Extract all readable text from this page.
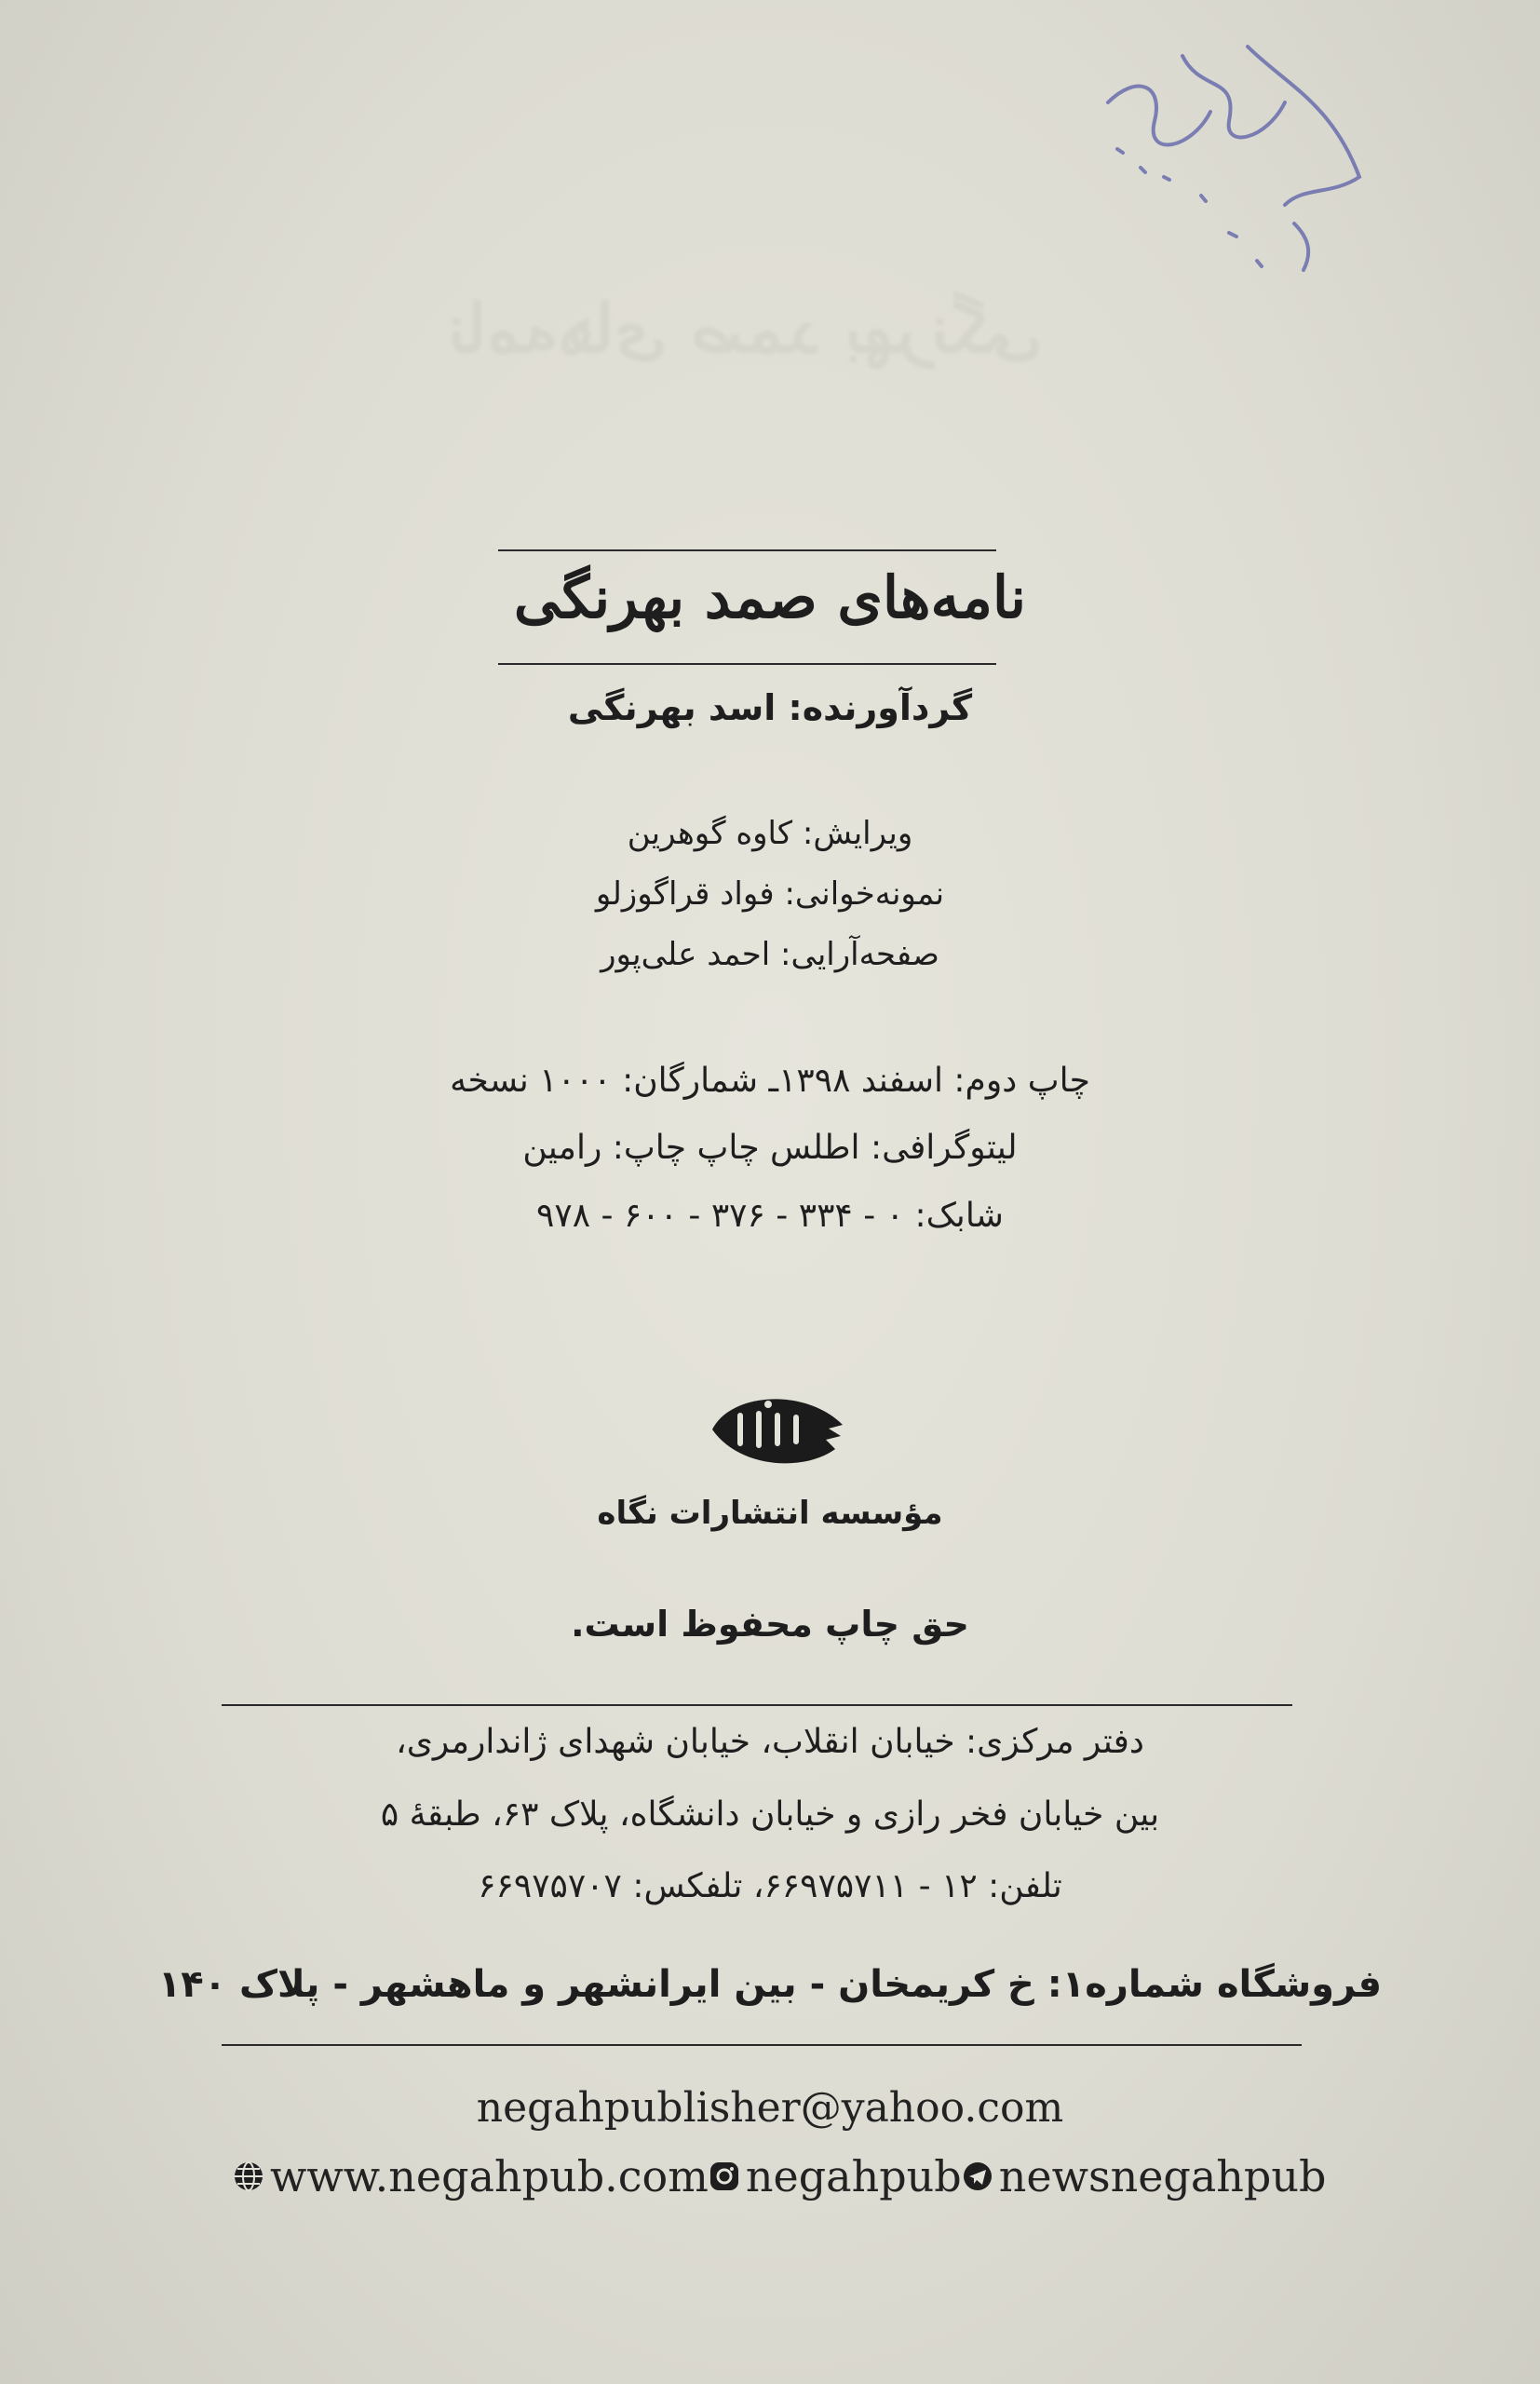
نامه‌های صمد بهرنگی
نامه‌های صمد بهرنگی
گردآورنده: اسد بهرنگی
ویرایش: کاوه گوهرین
نمونه‌خوانی: فواد قراگوزلو
صفحه‌آرایی: احمد علی‌پور
چاپ دوم: اسفند ۱۳۹۸ـ شمارگان: ۱۰۰۰ نسخه
لیتوگرافی: اطلس چاپ چاپ: رامین
شابک: ۰ - ۳۳۴ - ۳۷۶ - ۶۰۰ - ۹۷۸
مؤسسه انتشارات نگاه
حق چاپ محفوظ است.
دفتر مرکزی: خیابان انقلاب، خیابان شهدای ژاندارمری،
بین خیابان فخر رازی و خیابان دانشگاه، پلاک ۶۳، طبقهٔ ۵
تلفن: ۱۲ - ۶۶۹۷۵۷۱۱، تلفکس: ۶۶۹۷۵۷۰۷
فروشگاه شماره۱: خ کریمخان - بین ایرانشهر و ماهشهر - پلاک ۱۴۰
negahpublisher@yahoo.com
www.negahpub.com negahpub newsnegahpub
